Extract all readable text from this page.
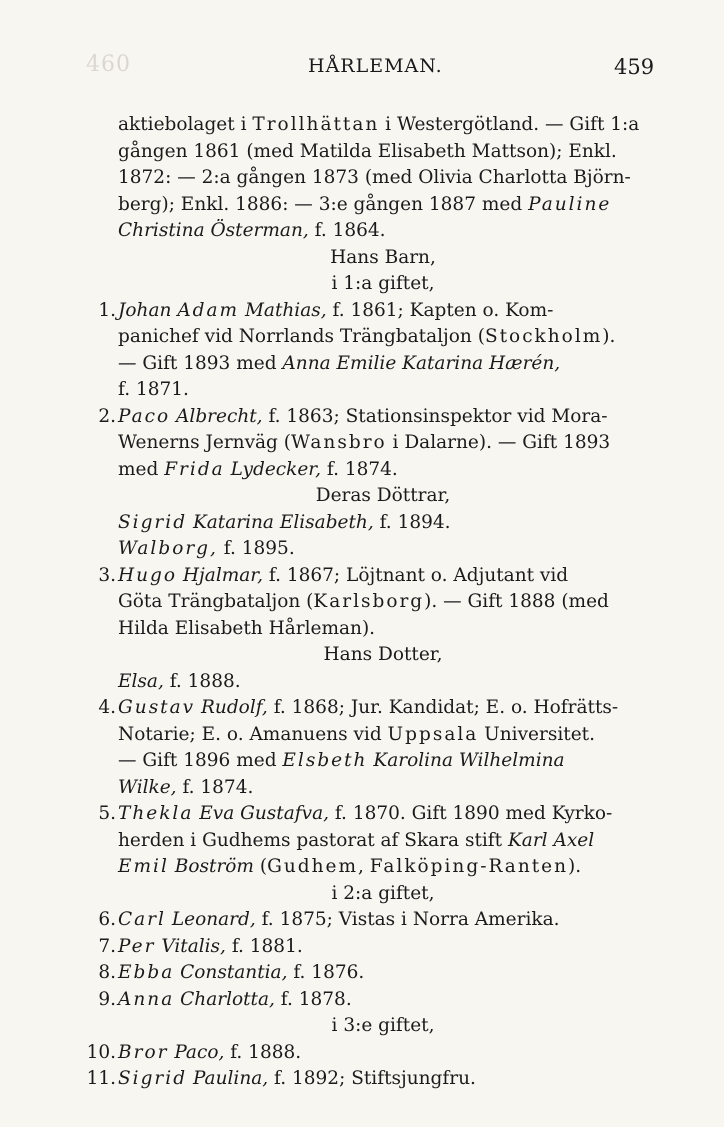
460	HÅRLEMAN.	459
aktiebolaget i Trollhättan i Westergötland. — Gift 1:a
gången 1861 (med Matilda Elisabeth Mattson); Enkl.
1872: — 2:a gången 1873 (med Olivia Charlotta Björn-
berg); Enkl. 1886: — 3:e gången 1887 med Pauline
Christina Österman, f. 1864.
Hans Barn,
i 1:a giftet,
1. Johan Adam Mathias, f. 1861; Kapten o. Kom-
panichef vid Norrlands Trängbataljon (Stockholm).
— Gift 1893 med Anna Emilie Katarina Hærén,
f. 1871.
2. Paco Albrecht, f. 1863; Stationsinspektor vid Mora-
Wenerns Jernväg (Wansbro i Dalarne). — Gift 1893
med Frida Lydecker, f. 1874.
Deras Döttrar,
Sigrid Katarina Elisabeth, f. 1894.
Walborg, f. 1895.
3. Hugo Hjalmar, f. 1867; Löjtnant o. Adjutant vid
Göta Trängbataljon (Karlsborg). — Gift 1888 (med
Hilda Elisabeth Hårleman).
Hans Dotter,
Elsa, f. 1888.
4. Gustav Rudolf, f. 1868; Jur. Kandidat; E. o. Hofrätts-
Notarie; E. o. Amanuens vid Uppsala Universitet.
— Gift 1896 med Elsbeth Karolina Wilhelmina
Wilke, f. 1874.
5. Thekla Eva Gustafva, f. 1870. Gift 1890 med Kyrko-
herden i Gudhems pastorat af Skara stift Karl Axel
Emil Boström (Gudhem, Falköping-Ranten).
i 2:a giftet,
6. Carl Leonard, f. 1875; Vistas i Norra Amerika.
7. Per Vitalis, f. 1881.
8. Ebba Constantia, f. 1876.
9. Anna Charlotta, f. 1878.
i 3:e giftet,
10. Bror Paco, f. 1888.
11. Sigrid Paulina, f. 1892; Stiftsjungfru.
